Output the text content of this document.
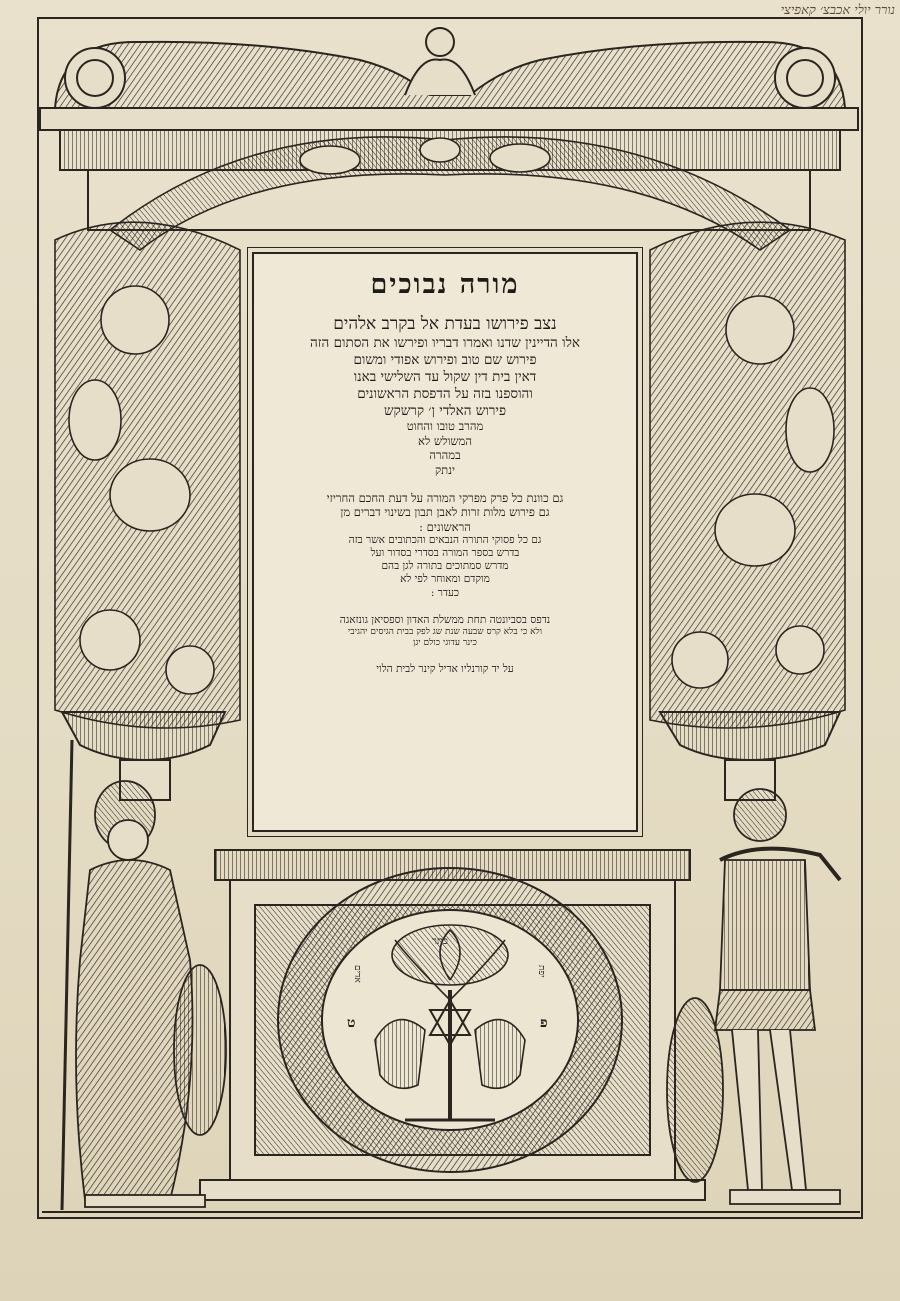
נורר יולי אכבצ׳ קאפיצי
מורה נבוכים
נצב פירושו בעדת אל בקרב אלהים
אלו הדיינין שדנו ואמרו דבריו ופירשו את הסתום הזה
פירוש שם טוב ופירוש אפודי ומשום
דאין בית דין שקול עד השלישי באנו
והוספנו בזה על הדפסת הראשונים
פירוש האלדי ן׳ קרשקש
מהרב טובו והחוט
המשולש לא
במהרה
ינתק
גם כוונת כל פרק מפרקי המורה על דעת החכם החריזי
גם פירוש מלות זרות לאבן תבון בשינוי דברים מן
הראשונים :
גם כל פסוקי התורה הנבאים והכתובים אשר בזה
בדרש בספר המורה בסדרי בסדור ועל
מדרש סמתוכים בתורה לגן בהם
מוקדם ומאוחר לפי לא
כעדר :
נדפס בסביונטה תחת ממשלת האדון וספסיאן גונזאגה
ולא כי בלא קרס שבעה שנת שג לפק בבית הגיסים יהגיבי
כינר עדוגי כולם יגן
על יד קורנליו אדיל קינר לבית הלוי
כתר
ט	פ
אדים	יפת
